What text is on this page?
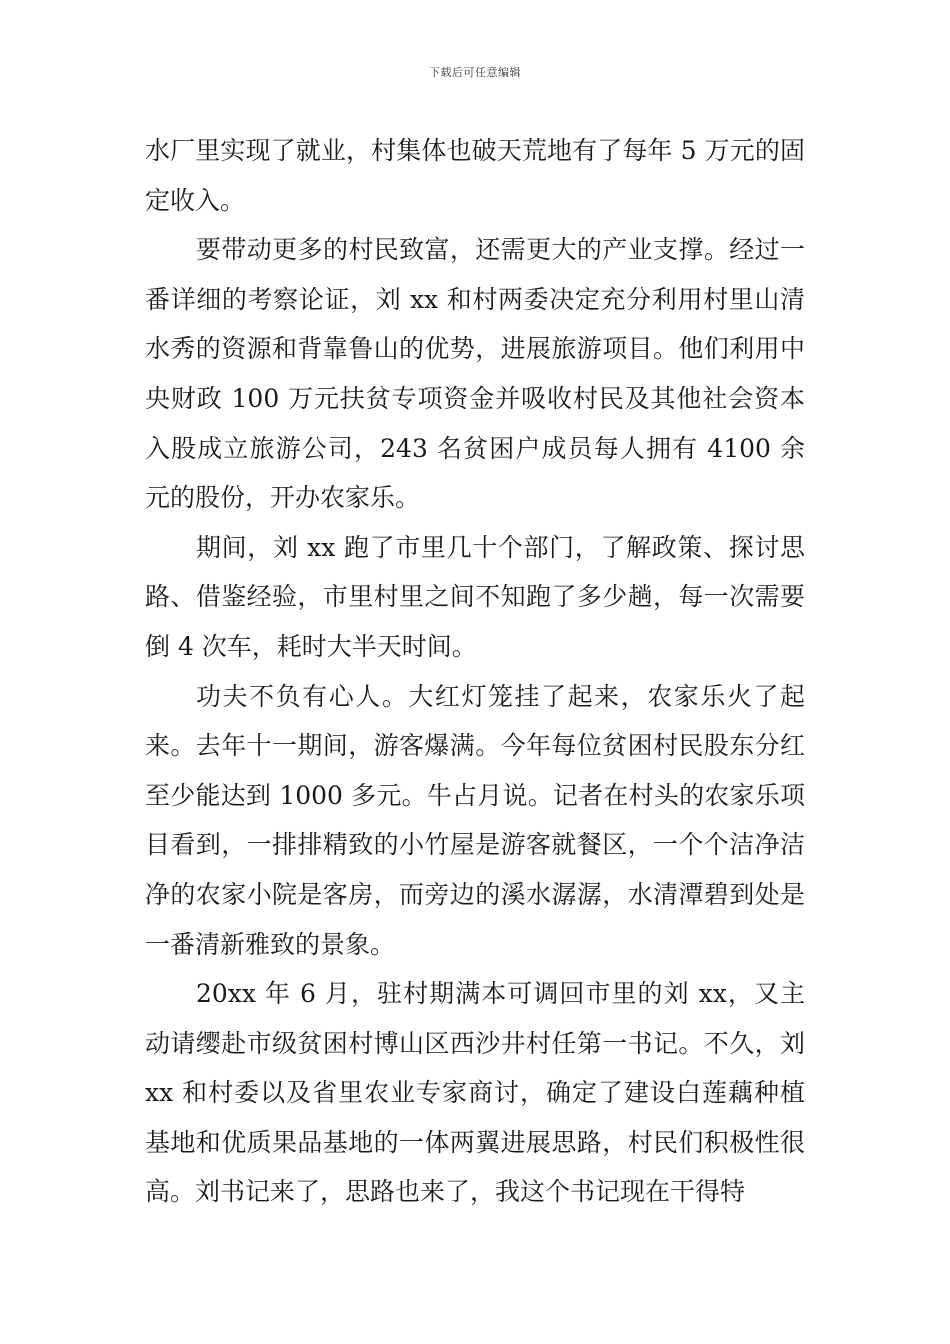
下载后可任意编辑

水厂里实现了就业，村集体也破天荒地有了每年 5 万元的固定收入。

要带动更多的村民致富，还需更大的产业支撑。经过一番详细的考察论证，刘 xx 和村两委决定充分利用村里山清水秀的资源和背靠鲁山的优势，进展旅游项目。他们利用中央财政 100 万元扶贫专项资金并吸收村民及其他社会资本入股成立旅游公司，243 名贫困户成员每人拥有 4100 余元的股份，开办农家乐。

期间，刘 xx 跑了市里几十个部门，了解政策、探讨思路、借鉴经验，市里村里之间不知跑了多少趟，每一次需要倒 4 次车，耗时大半天时间。

功夫不负有心人。大红灯笼挂了起来，农家乐火了起来。去年十一期间，游客爆满。今年每位贫困村民股东分红至少能达到 1000 多元。牛占月说。记者在村头的农家乐项目看到，一排排精致的小竹屋是游客就餐区，一个个洁净洁净的农家小院是客房，而旁边的溪水潺潺，水清潭碧到处是一番清新雅致的景象。

20xx 年 6 月，驻村期满本可调回市里的刘 xx，又主动请缨赴市级贫困村博山区西沙井村任第一书记。不久，刘 xx 和村委以及省里农业专家商讨，确定了建设白莲藕种植基地和优质果品基地的一体两翼进展思路，村民们积极性很高。刘书记来了，思路也来了，我这个书记现在干得特
